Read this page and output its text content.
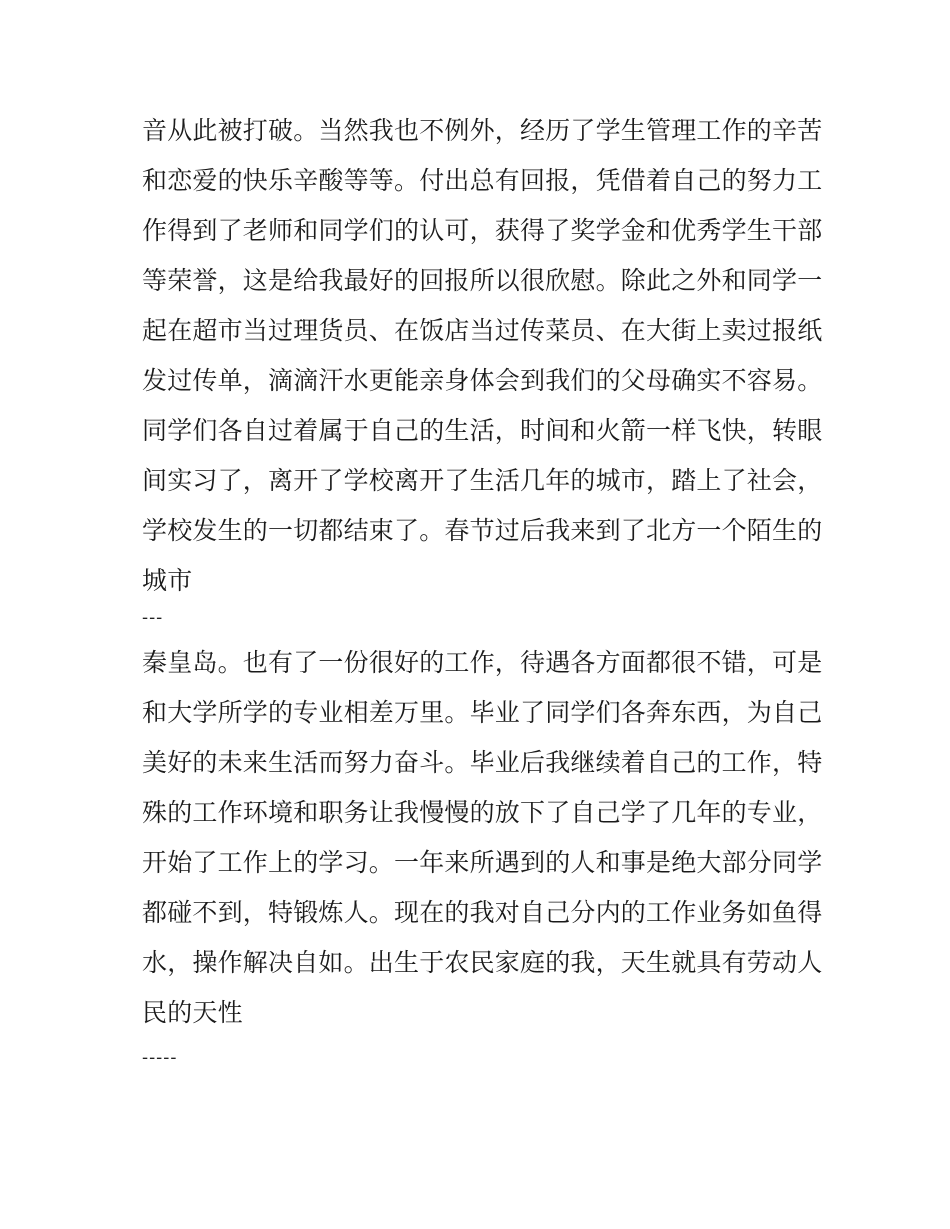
音从此被打破。当然我也不例外，经历了学生管理工作的辛苦
和恋爱的快乐辛酸等等。付出总有回报，凭借着自己的努力工
作得到了老师和同学们的认可，获得了奖学金和优秀学生干部
等荣誉，这是给我最好的回报所以很欣慰。除此之外和同学一
起在超市当过理货员、在饭店当过传菜员、在大街上卖过报纸
发过传单，滴滴汗水更能亲身体会到我们的父母确实不容易。
同学们各自过着属于自己的生活，时间和火箭一样飞快，转眼
间实习了，离开了学校离开了生活几年的城市，踏上了社会，
学校发生的一切都结束了。春节过后我来到了北方一个陌生的
城市
---
秦皇岛。也有了一份很好的工作，待遇各方面都很不错，可是
和大学所学的专业相差万里。毕业了同学们各奔东西，为自己
美好的未来生活而努力奋斗。毕业后我继续着自己的工作，特
殊的工作环境和职务让我慢慢的放下了自己学了几年的专业，
开始了工作上的学习。一年来所遇到的人和事是绝大部分同学
都碰不到，特锻炼人。现在的我对自己分内的工作业务如鱼得
水，操作解决自如。出生于农民家庭的我，天生就具有劳动人
民的天性
-----
